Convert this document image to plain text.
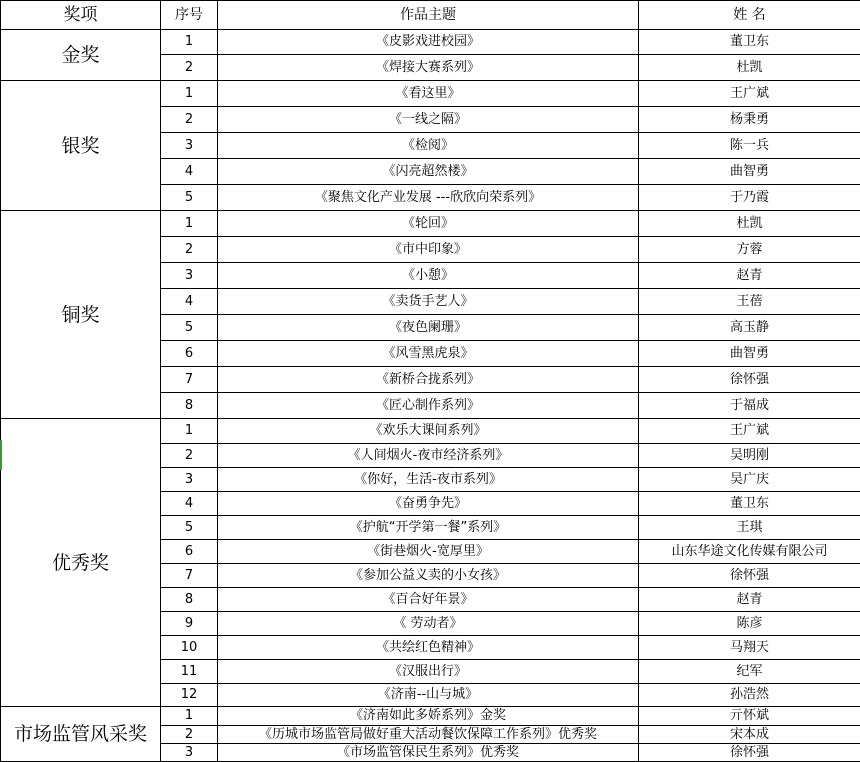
奖项	序号	作品主题	姓 名
金奖	1	《皮影戏进校园》	董卫东
	2	《焊接大赛系列》	杜凯
银奖	1	《看这里》	王广斌
	2	《一线之隔》	杨秉勇
	3	《检阅》	陈一兵
	4	《闪亮超然楼》	曲智勇
	5	《聚焦文化产业发展 ---欣欣向荣系列》	于乃霞
铜奖	1	《轮回》	杜凯
	2	《市中印象》	方蓉
	3	《小憩》	赵青
	4	《卖货手艺人》	王蓓
	5	《夜色阑珊》	高玉静
	6	《风雪黑虎泉》	曲智勇
	7	《新桥合拢系列》	徐怀强
	8	《匠心制作系列》	于福成
优秀奖	1	《欢乐大课间系列》	王广斌
	2	《人间烟火-夜市经济系列》	吴明刚
	3	《你好，生活-夜市系列》	吴广庆
	4	《奋勇争先》	董卫东
	5	《护航“开学第一餐”系列》	王琪
	6	《街巷烟火-宽厚里》	山东华途文化传媒有限公司
	7	《参加公益义卖的小女孩》	徐怀强
	8	《百合好年景》	赵青
	9	《 劳动者》	陈彦
	10	《共绘红色精神》	马翔天
	11	《汉服出行》	纪军
	12	《济南--山与城》	孙浩然
市场监管风采奖	1	《济南如此多娇系列》金奖	亓怀斌
	2	《历城市场监管局做好重大活动餐饮保障工作系列》优秀奖	宋本成
	3	《市场监管保民生系列》优秀奖	徐怀强
